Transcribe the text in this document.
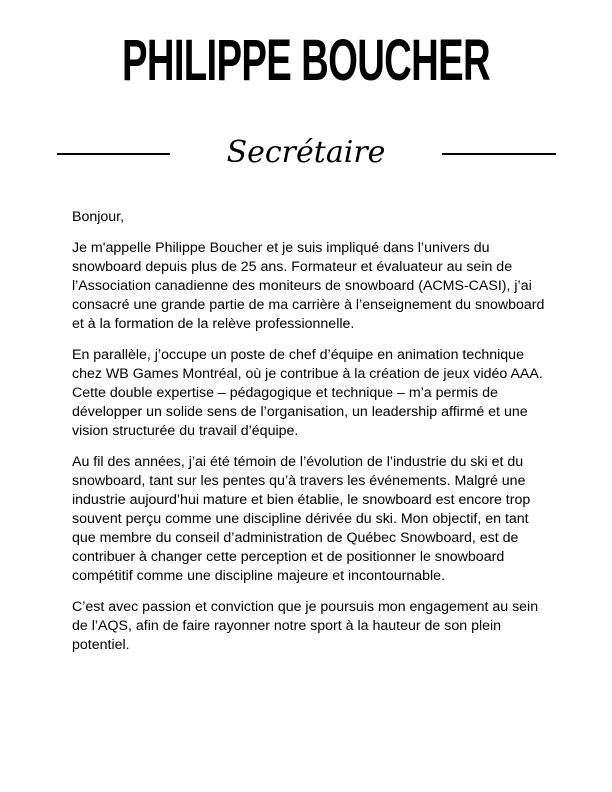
PHILIPPE BOUCHER
Secrétaire

Bonjour,

Je m'appelle Philippe Boucher et je suis impliqué dans l’univers du snowboard depuis plus de 25 ans. Formateur et évaluateur au sein de l’Association canadienne des moniteurs de snowboard (ACMS-CASI), j’ai consacré une grande partie de ma carrière à l’enseignement du snowboard et à la formation de la relève professionnelle.

En parallèle, j’occupe un poste de chef d’équipe en animation technique chez WB Games Montréal, où je contribue à la création de jeux vidéo AAA. Cette double expertise – pédagogique et technique – m’a permis de développer un solide sens de l’organisation, un leadership affirmé et une vision structurée du travail d’équipe.

Au fil des années, j’ai été témoin de l’évolution de l’industrie du ski et du snowboard, tant sur les pentes qu’à travers les événements. Malgré une industrie aujourd’hui mature et bien établie, le snowboard est encore trop souvent perçu comme une discipline dérivée du ski. Mon objectif, en tant que membre du conseil d’administration de Québec Snowboard, est de contribuer à changer cette perception et de positionner le snowboard compétitif comme une discipline majeure et incontournable.

C’est avec passion et conviction que je poursuis mon engagement au sein de l’AQS, afin de faire rayonner notre sport à la hauteur de son plein potentiel.
